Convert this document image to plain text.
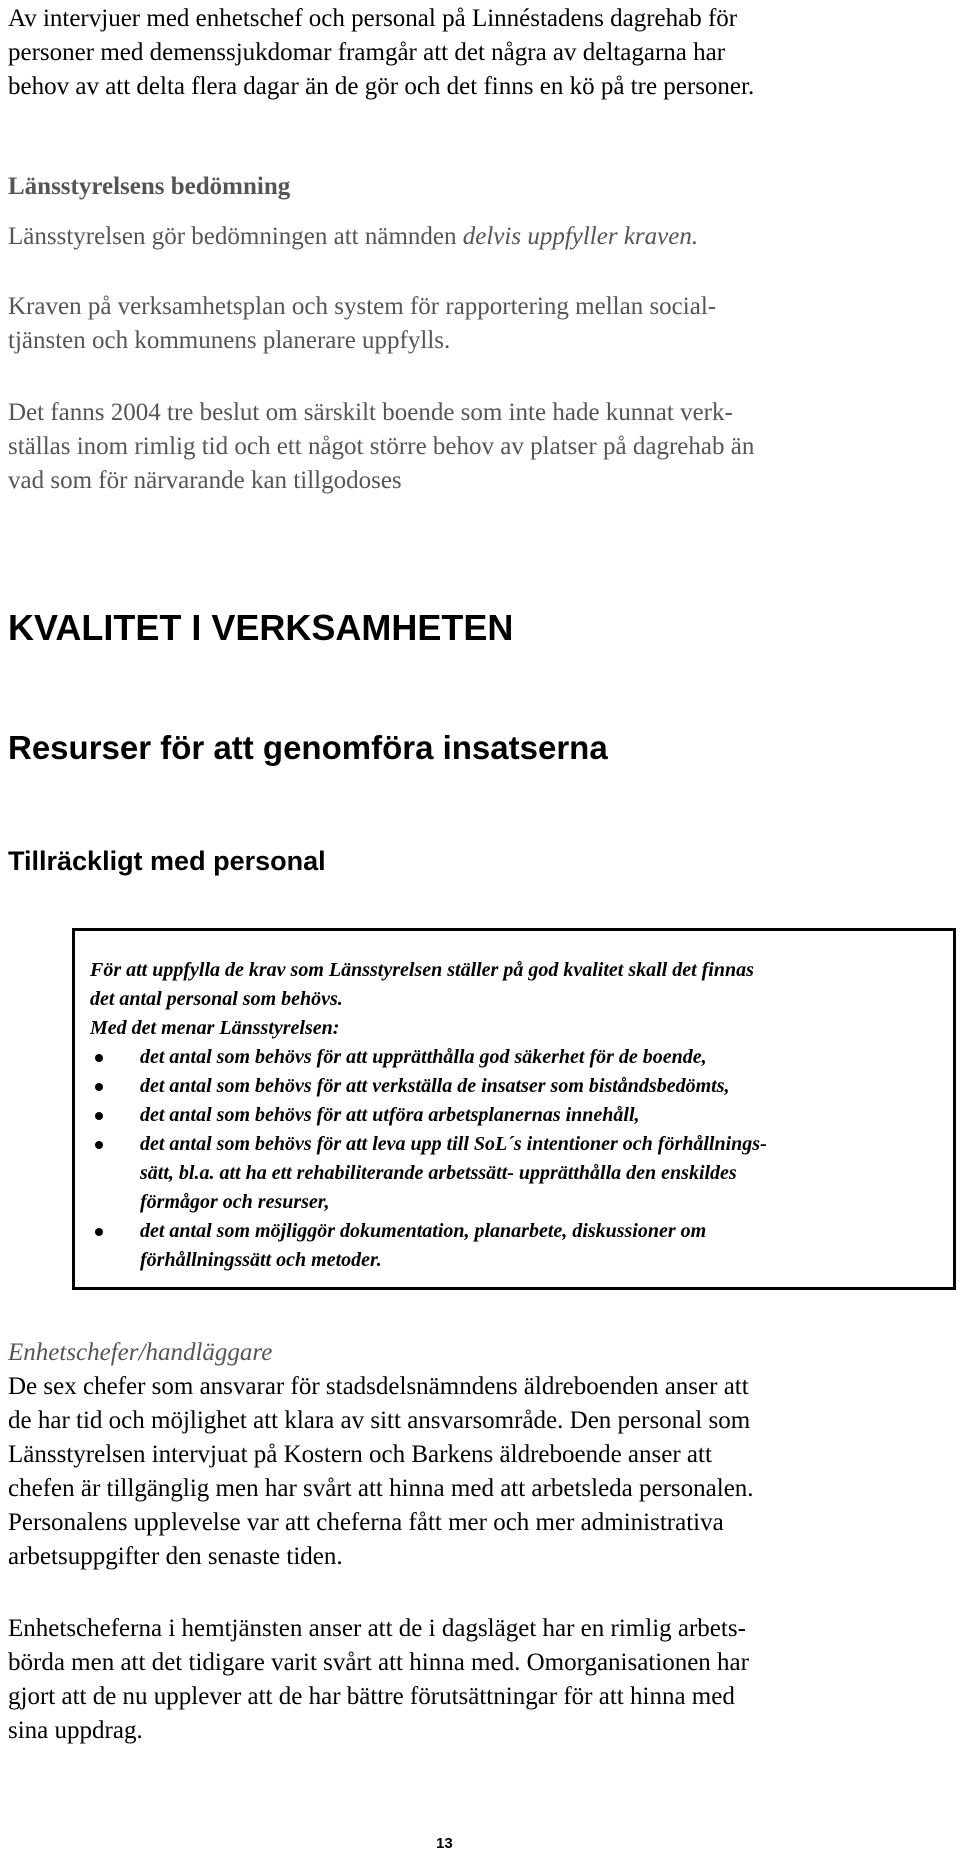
Av intervjuer med enhetschef och personal på Linnéstadens dagrehab för

personer med demenssjukdomar framgår att det några av deltagarna har

behov av att delta flera dagar än de gör och det finns en kö på tre personer.

Länsstyrelsens bedömning

Länsstyrelsen gör bedömningen att nämnden delvis uppfyller kraven.

Kraven på verksamhetsplan och system för rapportering mellan social-

tjänsten och kommunens planerare uppfylls.

Det fanns 2004 tre beslut om särskilt boende som inte hade kunnat verk-

ställas inom rimlig tid och ett något större behov av platser på dagrehab än

vad som för närvarande kan tillgodoses

KVALITET I VERKSAMHETEN
Resurser för att genomföra insatserna
Tillräckligt med personal

För att uppfylla de krav som Länsstyrelsen ställer på god kvalitet skall det finnas

det antal personal som behövs.

Med det menar Länsstyrelsen:

det antal som behövs för att upprätthålla god säkerhet för de boende,
det antal som behövs för att verkställa de insatser som biståndsbedömts,
det antal som behövs för att utföra arbetsplanernas innehåll,
det antal som behövs för att leva upp till SoL´s intentioner och förhållnings-
sätt, bl.a. att ha ett rehabiliterande arbetssätt- upprätthålla den enskildes
förmågor och resurser,
det antal som möjliggör dokumentation, planarbete, diskussioner om
förhållningssätt och metoder.

Enhetschefer/handläggare

De sex chefer som ansvarar för stadsdelsnämndens äldreboenden anser att

de har tid och möjlighet att klara av sitt ansvarsområde. Den personal som

Länsstyrelsen intervjuat på Kostern och Barkens äldreboende anser att

chefen är tillgänglig men har svårt att hinna med att arbetsleda personalen.

Personalens upplevelse var att cheferna fått mer och mer administrativa

arbetsuppgifter den senaste tiden.

Enhetscheferna i hemtjänsten anser att de i dagsläget har en rimlig arbets-

börda men att det tidigare varit svårt att hinna med. Omorganisationen har

gjort att de nu upplever att de har bättre förutsättningar för att hinna med

sina uppdrag.

13
